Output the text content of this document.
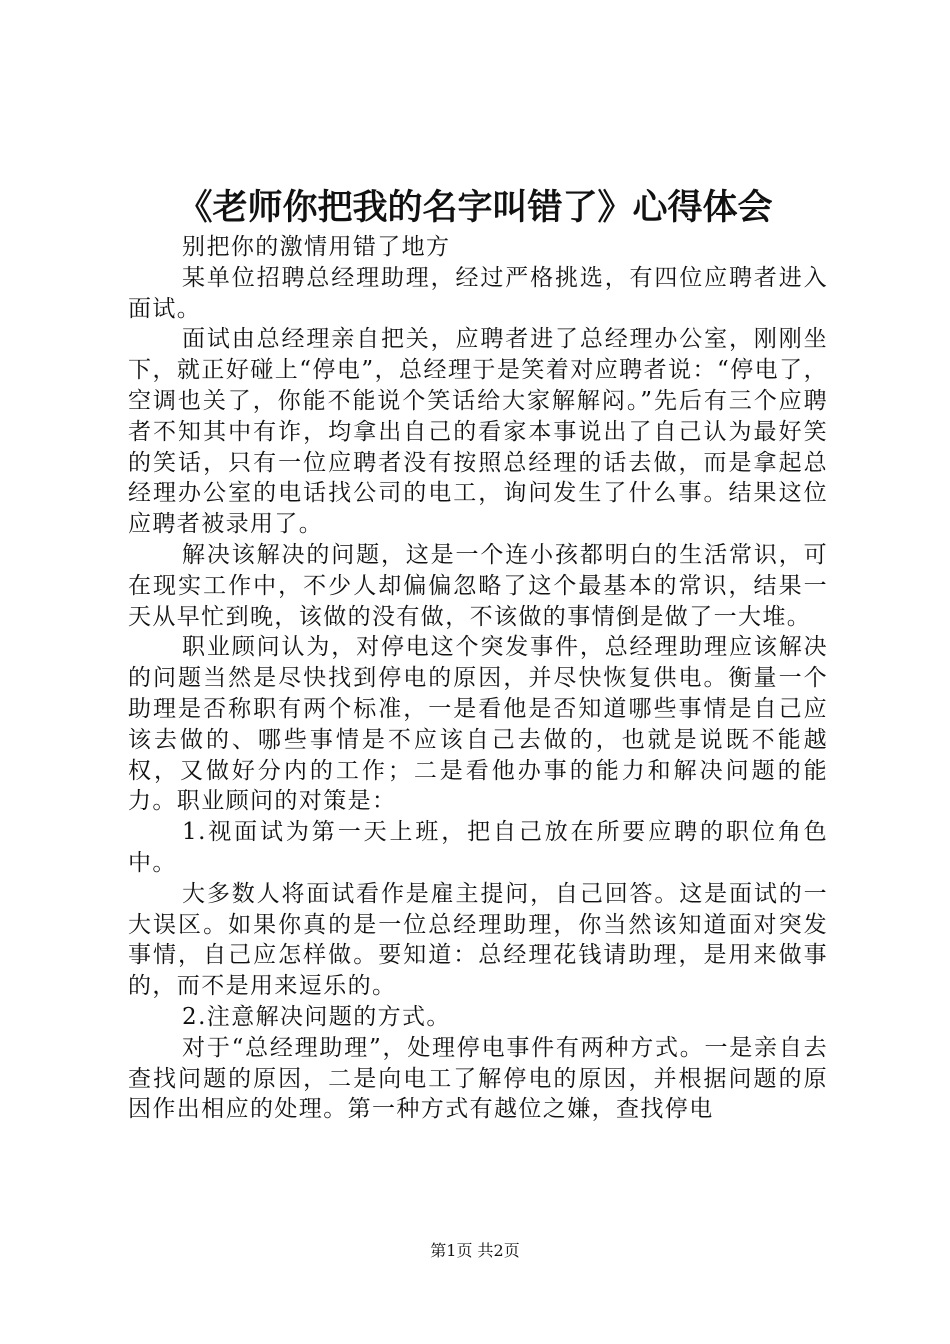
《老师你把我的名字叫错了》心得体会

别把你的激情用错了地方

某单位招聘总经理助理，经过严格挑选，有四位应聘者进入面试。

面试由总经理亲自把关，应聘者进了总经理办公室，刚刚坐下，就正好碰上“停电”，总经理于是笑着对应聘者说：“停电了，空调也关了，你能不能说个笑话给大家解解闷。”先后有三个应聘者不知其中有诈，均拿出自己的看家本事说出了自己认为最好笑的笑话，只有一位应聘者没有按照总经理的话去做，而是拿起总经理办公室的电话找公司的电工，询问发生了什么事。结果这位应聘者被录用了。

解决该解决的问题，这是一个连小孩都明白的生活常识，可在现实工作中，不少人却偏偏忽略了这个最基本的常识，结果一天从早忙到晚，该做的没有做，不该做的事情倒是做了一大堆。

职业顾问认为，对停电这个突发事件，总经理助理应该解决的问题当然是尽快找到停电的原因，并尽快恢复供电。衡量一个助理是否称职有两个标准，一是看他是否知道哪些事情是自己应该去做的、哪些事情是不应该自己去做的，也就是说既不能越权，又做好分内的工作；二是看他办事的能力和解决问题的能力。职业顾问的对策是：

1.视面试为第一天上班，把自己放在所要应聘的职位角色中。

大多数人将面试看作是雇主提问，自己回答。这是面试的一大误区。如果你真的是一位总经理助理，你当然该知道面对突发事情，自己应怎样做。要知道：总经理花钱请助理，是用来做事的，而不是用来逗乐的。

2.注意解决问题的方式。

对于“总经理助理”，处理停电事件有两种方式。一是亲自去查找问题的原因，二是向电工了解停电的原因，并根据问题的原因作出相应的处理。第一种方式有越位之嫌，查找停电

第1页 共2页
